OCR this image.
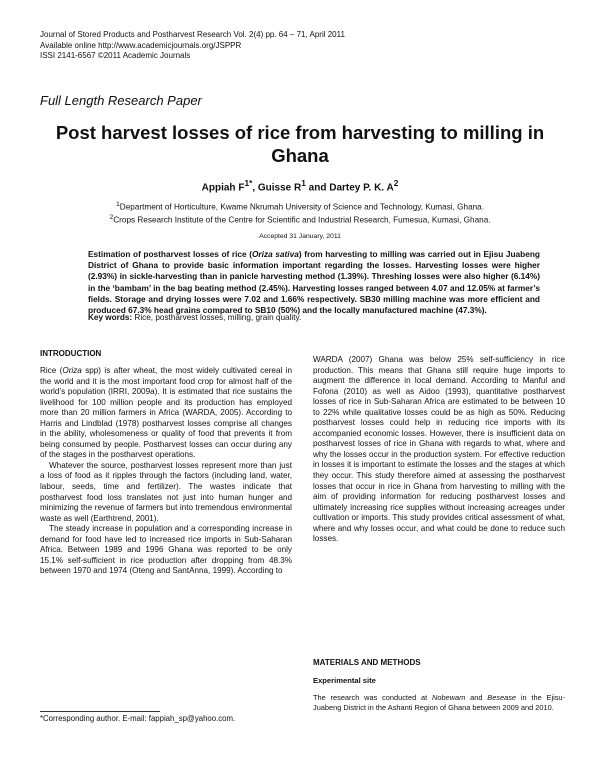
Journal of Stored Products and Postharvest Research Vol. 2(4) pp. 64 – 71, April 2011
Available online http://www.academicjournals.org/JSPPR
ISSI 2141-6567 ©2011 Academic Journals
Full Length Research Paper
Post harvest losses of rice from harvesting to milling in Ghana
Appiah $F^{1*}$, Guisse $R^1$ and Dartey P. K. $A^2$
$^1$Department of Horticulture, Kwame Nkrumah University of Science and Technology, Kumasi, Ghana.
$^2$Crops Research Institute of the Centre for Scientific and Industrial Research, Fumesua, Kumasi, Ghana.
Accepted 31 January, 2011
Estimation of postharvest losses of rice (Oriza sativa) from harvesting to milling was carried out in Ejisu Juabeng District of Ghana to provide basic information important regarding the losses. Harvesting losses were higher (2.93%) in sickle-harvesting than in panicle harvesting method (1.39%). Threshing losses were also higher (6.14%) in the ‘bambam’ in the bag beating method (2.45%). Harvesting losses ranged between 4.07 and 12.05% at farmer’s fields. Storage and drying losses were 7.02 and 1.66% respectively. SB30 milling machine was more efficient and produced 67.3% head grains compared to SB10 (50%) and the locally manufactured machine (47.3%).
Key words: Rice, postharvest losses, milling, grain quality.
INTRODUCTION

Rice (Oriza spp) is after wheat, the most widely cultivated cereal in the world and it is the most important food crop for almost half of the world’s population (IRRI, 2009a). It is estimated that rice sustains the livelihood for 100 million people and its production has employed more than 20 million farmers in Africa (WARDA, 2005). According to Harris and Lindblad (1978) postharvest losses comprise all changes in the ability, wholesomeness or quality of food that prevents it from being consumed by people. Postharvest losses can occur during any of the stages in the postharvest operations.

Whatever the source, postharvest losses represent more than just a loss of food as it ripples through the factors (including land, water, labour, seeds, time and fertilizer). The wastes indicate that postharvest food loss translates not just into human hunger and minimizing the revenue of farmers but into tremendous environmental waste as well (Earthtrend, 2001).

The steady increase in population and a corresponding increase in demand for food have led to increased rice imports in Sub-Saharan Africa. Between 1989 and 1996 Ghana was reported to be only 15.1% self-sufficient in rice production after dropping from 48.3% between 1970 and 1974 (Oteng and SantAnna, 1999). According to

WARDA (2007) Ghana was below 25% self-sufficiency in rice production. This means that Ghana still require huge imports to augment the difference in local demand. According to Manful and Fofona (2010) as well as Aidoo (1993), quantitative postharvest losses of rice in Sub-Saharan Africa are estimated to be between 10 to 22% while qualitative losses could be as high as 50%. Reducing postharvest losses could help in reducing rice imports with its accompanied economic losses. However, there is insufficient data on postharvest losses of rice in Ghana with regards to what, where and why the losses occur in the production system. For effective reduction in losses it is important to estimate the losses and the stages at which they occur. This study therefore aimed at assessing the postharvest losses that occur in rice in Ghana from harvesting to milling with the aim of providing information for reducing postharvest losses and ultimately increasing rice supplies without increasing acreages under cultivation or imports. This study provides critical assessment of what, where and why losses occur, and what could be done to reduce such losses.

MATERIALS AND METHODS
Experimental site
The research was conducted at Nobewam and Besease in the Ejisu-Juabeng District in the Ashanti Region of Ghana between 2009 and 2010.
*Corresponding author. E-mail: fappiah_sp@yahoo.com.
